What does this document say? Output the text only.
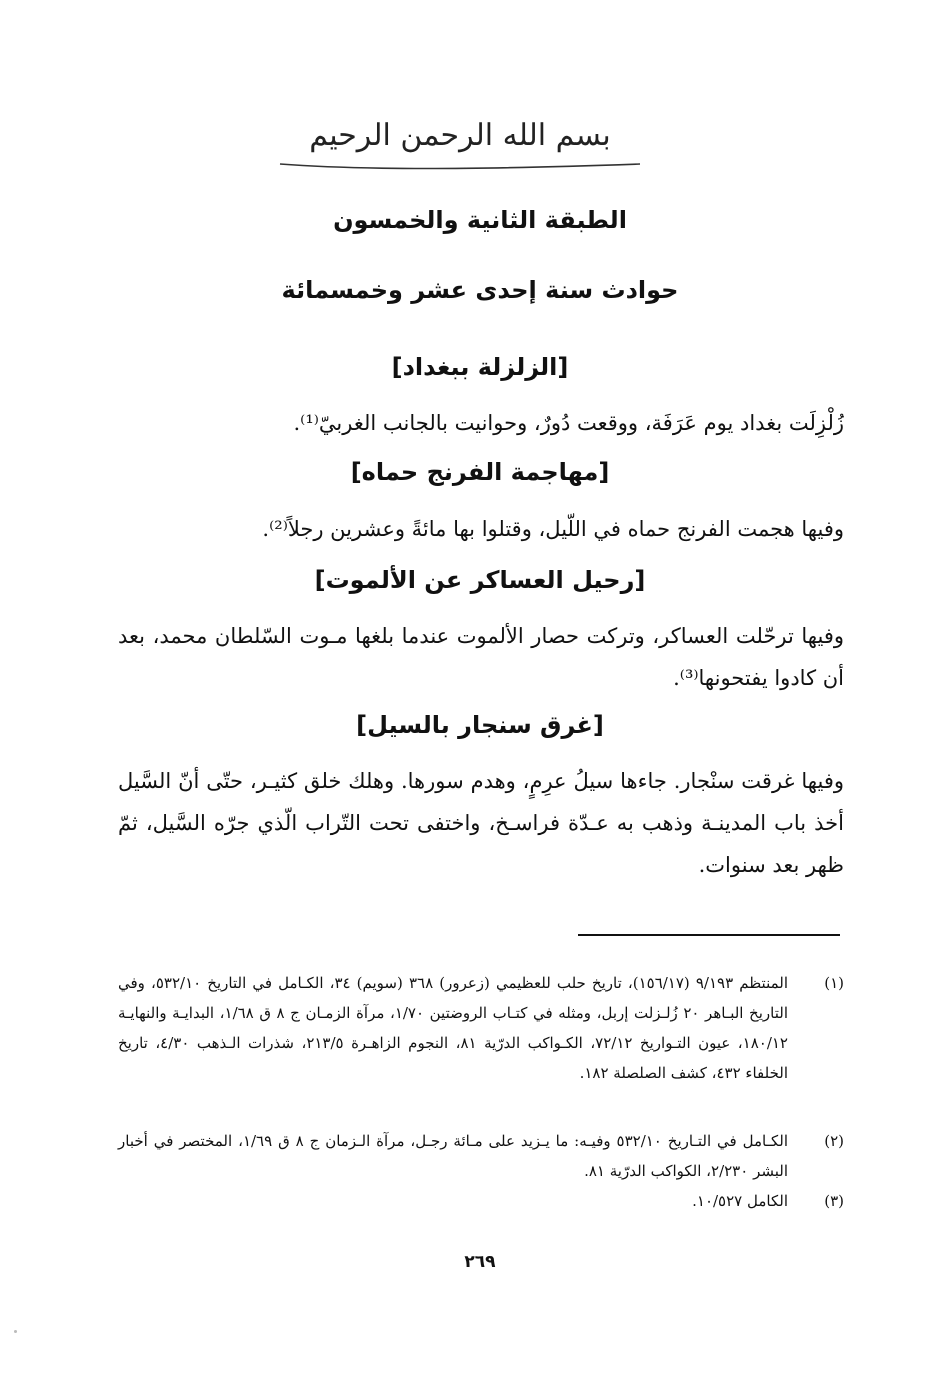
بسم الله الرحمن الرحيم
الطبقة الثانية والخمسون
حوادث سنة إحدى عشر وخمسمائة
[الزلزلة ببغداد]
زُلْزِلَت بغداد يوم عَرَفَة، ووقعت دُورٌ، وحوانيت بالجانب الغربيّ⁽¹⁾.
[مهاجمة الفرنج حماه]
وفيها هجمت الفرنج حماه في اللّيل، وقتلوا بها مائةً وعشرين رجلاً⁽²⁾.
[رحيل العساكر عن الألموت]
وفيها ترحّلت العساكر، وتركت حصار الألموت عندما بلغها مـوت السّلطان محمد، بعد أن كادوا يفتحونها⁽³⁾.
[غرق سنجار بالسيل]
وفيها غرقت سنْجار. جاءها سيلُ عرِمٍ، وهدم سورها. وهلك خلق كثيـر، حتّى أنّ السَّيل أخذ باب المدينـة وذهب به عـدّة فراسـخ، واختفى تحت التّراب الّذي جرّه السَّيل، ثمّ ظهر بعد سنوات.
(١)
المنتظم ٩/١٩٣ (١٥٦/١٧)، تاريخ حلب للعظيمي (زعرور) ٣٦٨ (سويم) ٣٤، الكـامل في التاريخ ٥٣٢/١٠، وفي التاريخ البـاهر ٢٠ زُلـزلت إربل، ومثله في كتـاب الروضتين ١/٧٠، مرآة الزمـان ج ٨ ق ١/٦٨، البدايـة والنهايـة ١٨٠/١٢، عيون التـواريخ ٧٢/١٢، الكـواكب الدرّية ٨١، النجوم الزاهـرة ٢١٣/٥، شذرات الـذهب ٤/٣٠، تاريخ الخلفاء ٤٣٢، كشف الصلصلة ١٨٢.
(٢)
الكـامل في التـاريخ ٥٣٢/١٠ وفيـه: ما يـزيد على مـائة رجـل، مرآة الـزمان ج ٨ ق ١/٦٩، المختصر في أخبار البشر ٢/٢٣٠، الكواكب الدرّية ٨١.
(٣)
الكامل ١٠/٥٢٧.
٢٦٩
